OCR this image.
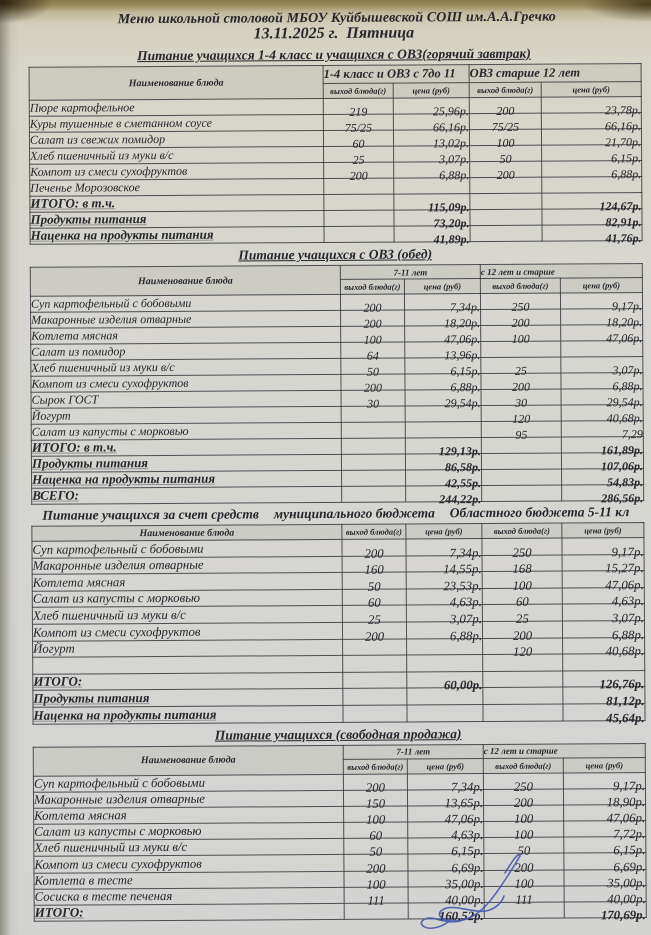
Меню школьной столовой МБОУ Куйбышевской СОШ им.А.А.Гречко
13.11.2025 г.  Пятница
Питание учащихся 1-4 класс и учащихся с ОВЗ(горячий завтрак)
Наименование блюда	1-4 класс и ОВЗ с 7до 11		ОВЗ старше 12 лет	
	выход блюда(г)	цена (руб)	выход блюда(г)	цена (руб)
Пюре картофельное	219	25,96р.	200	23,78р.
Куры тушенные в сметанном соусе	75/25	66,16р.	75/25	66,16р.
Салат из свежих помидор	60	13,02р.	100	21,70р.
Хлеб пшеничный из муки в/с	25	3,07р.	50	6,15р.
Компот из смеси сухофруктов	200	6,88р.	200	6,88р.
Печенье Морозовское				
ИТОГО: в т.ч.		115,09р.		124,67р.
Продукты питания		73,20р.		82,91р.
Наценка на продукты питания		41,89р.		41,76р.
Питание учащихся с ОВЗ (обед)
Наименование блюда	7-11 лет		с 12 лет и старше	
	выход блюда(г)	цена (руб)	выход блюда(г)	цена (руб)
Суп картофельный с бобовыми	200	7,34р.	250	9,17р.
Макаронные изделия отварные	200	18,20р.	200	18,20р.
Котлета мясная	100	47,06р.	100	47,06р.
Салат из помидор	64	13,96р.		
Хлеб пшеничный из муки в/с	50	6,15р.	25	3,07р.
Компот из смеси сухофруктов	200	6,88р.	200	6,88р.
Сырок ГОСТ	30	29,54р.	30	29,54р.
Йогурт			120	40,68р.
Салат из капусты с морковью			95	7,29
ИТОГО: в т.ч.		129,13р.		161,89р.
Продукты питания		86,58р.		107,06р.
Наценка на продукты питания		42,55р.		54,83р.
ВСЕГО:		244,22р.		286,56р.
Питание учащихся за счет средств муниципального бюджета Областного бюджета 5-11 кл
Наименование блюда	выход блюда(г)	цена (руб)	выход блюда(г)	цена (руб)
Суп картофельный с бобовыми	200	7,34р.	250	9,17р.
Макаронные изделия отварные	160	14,55р.	168	15,27р.
Котлета мясная	50	23,53р.	100	47,06р.
Салат из капусты с морковью	60	4,63р.	60	4,63р.
Хлеб пшеничный из муки в/с	25	3,07р.	25	3,07р.
Компот из смеси сухофруктов	200	6,88р.	200	6,88р.
Йогурт			120	40,68р.

ИТОГО:		60,00р.		126,76р.
Продукты питания				81,12р.
Наценка на продукты питания				45,64р.
Питание учащихся (свободная продажа)
Наименование блюда	7-11 лет		с 12 лет и старше	
	выход блюда(г)	цена (руб)	выход блюда(г)	цена (руб)
Суп картофельный с бобовыми	200	7,34р.	250	9,17р.
Макаронные изделия отварные	150	13,65р.	200	18,90р.
Котлета мясная	100	47,06р.	100	47,06р.
Салат из капусты с морковью	60	4,63р.	100	7,72р.
Хлеб пшеничный из муки в/с	50	6,15р.	50	6,15р.
Компот из смеси сухофруктов	200	6,69р.	200	6,69р.
Котлета в тесте	100	35,00р.	100	35,00р.
Сосиска в тесте печеная	111	40,00р.	111	40,00р.
ИТОГО:		160,52р.		170,69р.
